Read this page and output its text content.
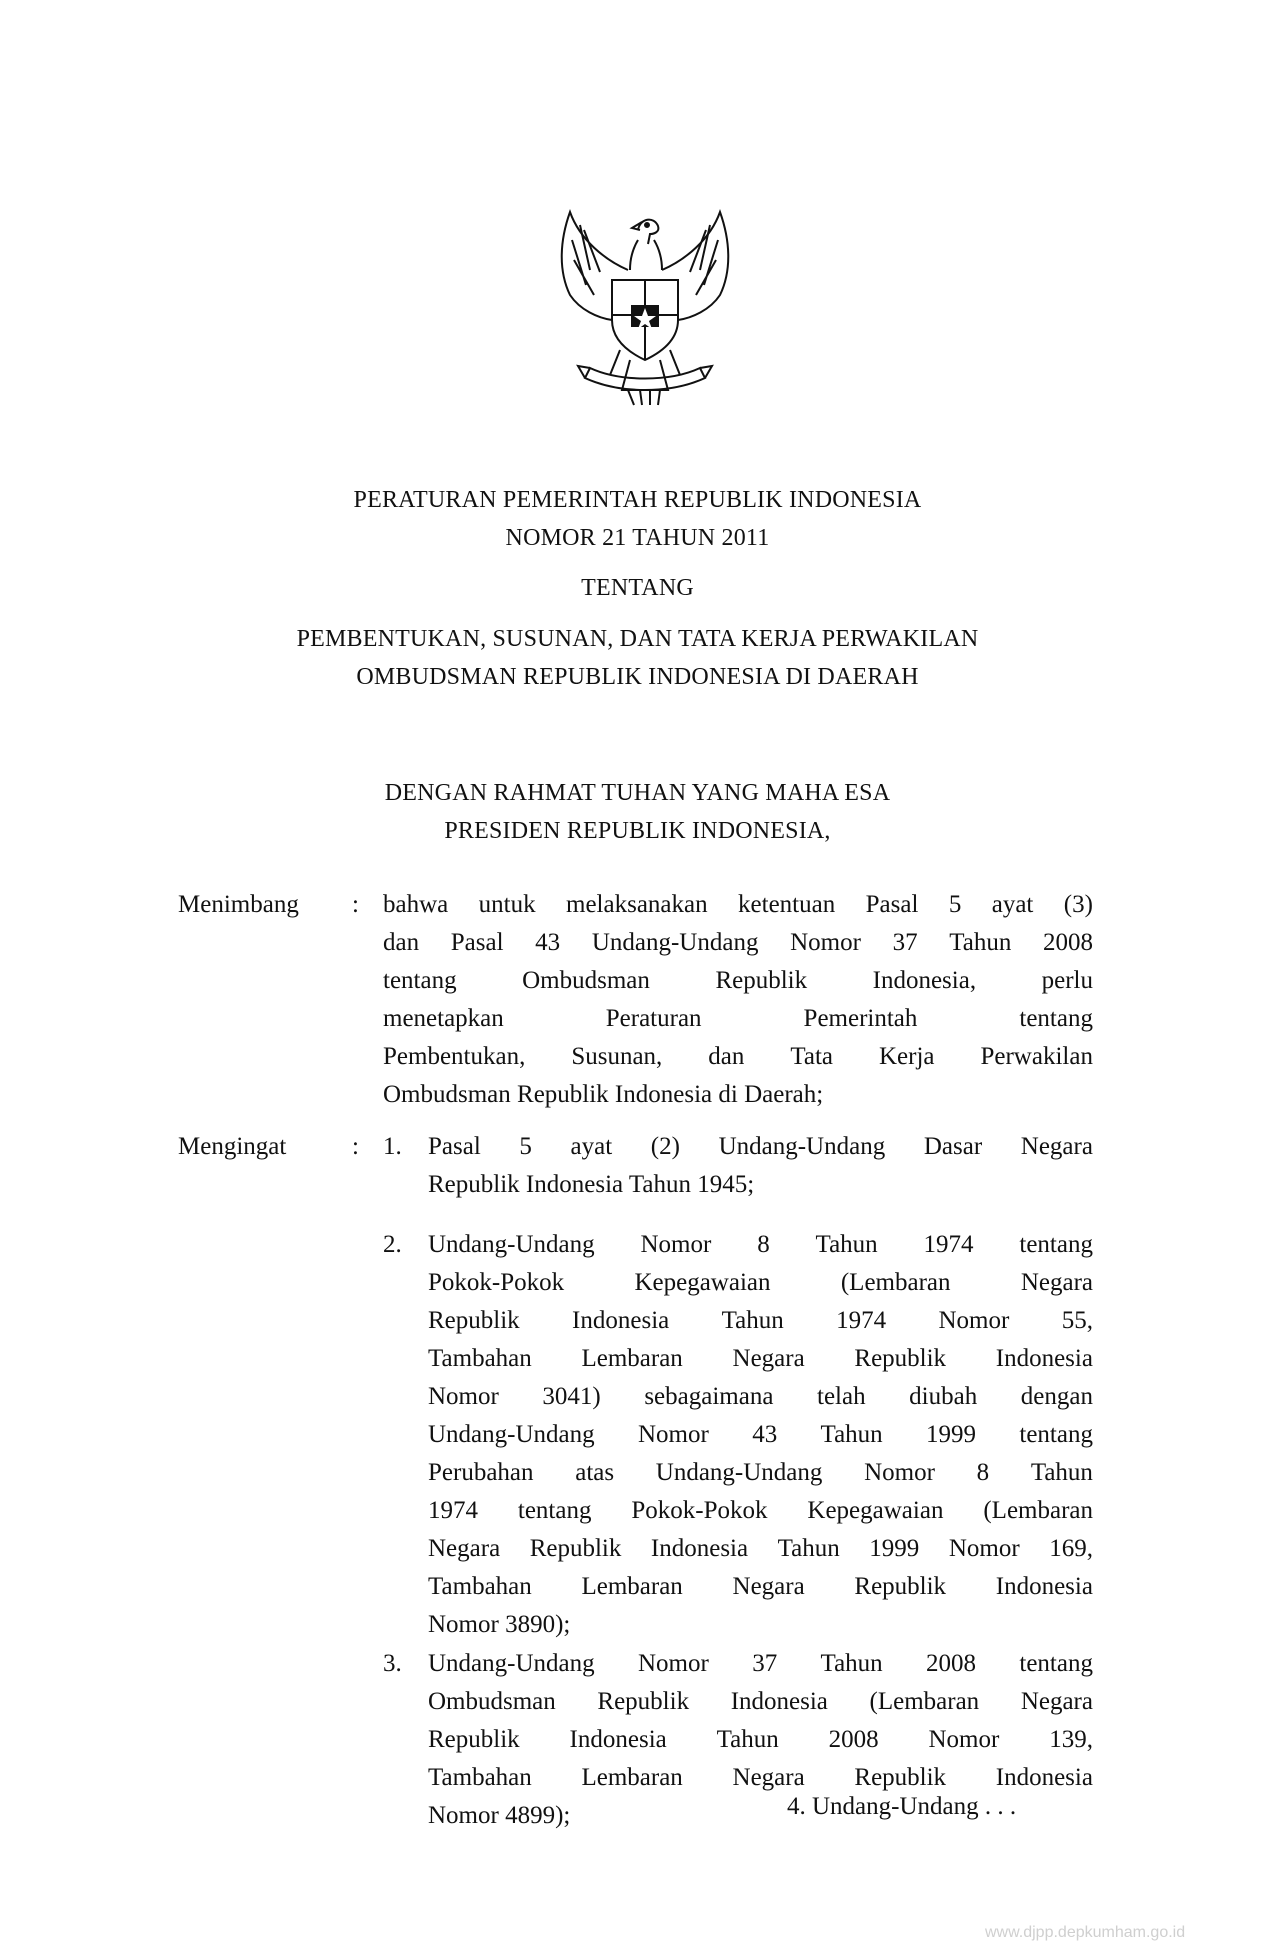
PERATURAN PEMERINTAH REPUBLIK INDONESIA
NOMOR 21 TAHUN 2011
TENTANG
PEMBENTUKAN, SUSUNAN, DAN TATA KERJA PERWAKILAN
OMBUDSMAN REPUBLIK INDONESIA DI DAERAH
DENGAN RAHMAT TUHAN YANG MAHA ESA
PRESIDEN REPUBLIK INDONESIA,
Menimbang : bahwa untuk melaksanakan ketentuan Pasal 5 ayat (3)
dan Pasal 43 Undang-Undang Nomor 37 Tahun 2008
tentang	Ombudsman	Republik	Indonesia,	perlu
menetapkan	Peraturan	Pemerintah	tentang
Pembentukan, Susunan, dan Tata Kerja Perwakilan
Ombudsman Republik Indonesia di Daerah;
Mengingat	: 1. Pasal 5 ayat (2) Undang-Undang Dasar Negara
Republik Indonesia Tahun 1945;
2. Undang-Undang Nomor 8 Tahun 1974 tentang
Pokok-Pokok	Kepegawaian	(Lembaran	Negara
Republik Indonesia Tahun 1974 Nomor 55,
Tambahan Lembaran Negara Republik Indonesia
Nomor 3041) sebagaimana telah diubah dengan
Undang-Undang Nomor 43 Tahun 1999 tentang
Perubahan atas Undang-Undang Nomor 8 Tahun
1974 tentang Pokok-Pokok Kepegawaian (Lembaran
Negara Republik Indonesia Tahun 1999 Nomor 169,
Tambahan Lembaran Negara Republik Indonesia
Nomor 3890);
3. Undang-Undang Nomor 37 Tahun 2008 tentang
Ombudsman Republik Indonesia (Lembaran Negara
Republik Indonesia Tahun 2008 Nomor 139,
Tambahan Lembaran Negara Republik Indonesia
Nomor 4899);	4. Undang-Undang . . .
www.djpp.depkumham.go.id
